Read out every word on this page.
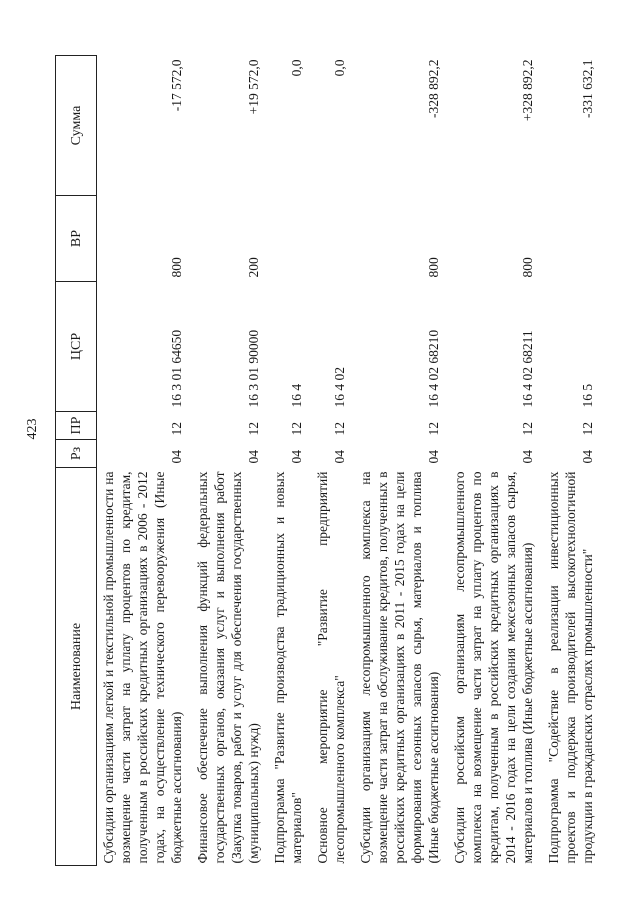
423
Наименование	Рз	ПР	ЦСР	ВР	Сумма
Субсидии организациям легкой и текстильной промышленности на возмещение части затрат на уплату процентов по кредитам, полученным в российских кредитных организациях в 2006 - 2012 годах, на осуществление технического перевооружения (Иные бюджетные ассигнования)	04	12	16 3 01 64650	800	-17 572,0
Финансовое обеспечение выполнения функций федеральных государственных органов, оказания услуг и выполнения работ (Закупка товаров, работ и услуг для обеспечения государственных (муниципальных) нужд)	04	12	16 3 01 90000	200	+19 572,0
Подпрограмма "Развитие производства традиционных и новых материалов"	04	12	16 4		0,0
Основное мероприятие "Развитие предприятий лесопромышленного комплекса"	04	12	16 4 02		0,0
Субсидии организациям лесопромышленного комплекса на возмещение части затрат на обслуживание кредитов, полученных в российских кредитных организациях в 2011 - 2015 годах на цели формирования сезонных запасов сырья, материалов и топлива (Иные бюджетные ассигнования)	04	12	16 4 02 68210	800	-328 892,2
Субсидии российским организациям лесопромышленного комплекса на возмещение части затрат на уплату процентов по кредитам, полученным в российских кредитных организациях в 2014 - 2016 годах на цели создания межсезонных запасов сырья, материалов и топлива (Иные бюджетные ассигнования)	04	12	16 4 02 68211	800	+328 892,2
Подпрограмма "Содействие в реализации инвестиционных проектов и поддержка производителей высокотехнологичной продукции в гражданских отраслях промышленности"	04	12	16 5		-331 632,1
